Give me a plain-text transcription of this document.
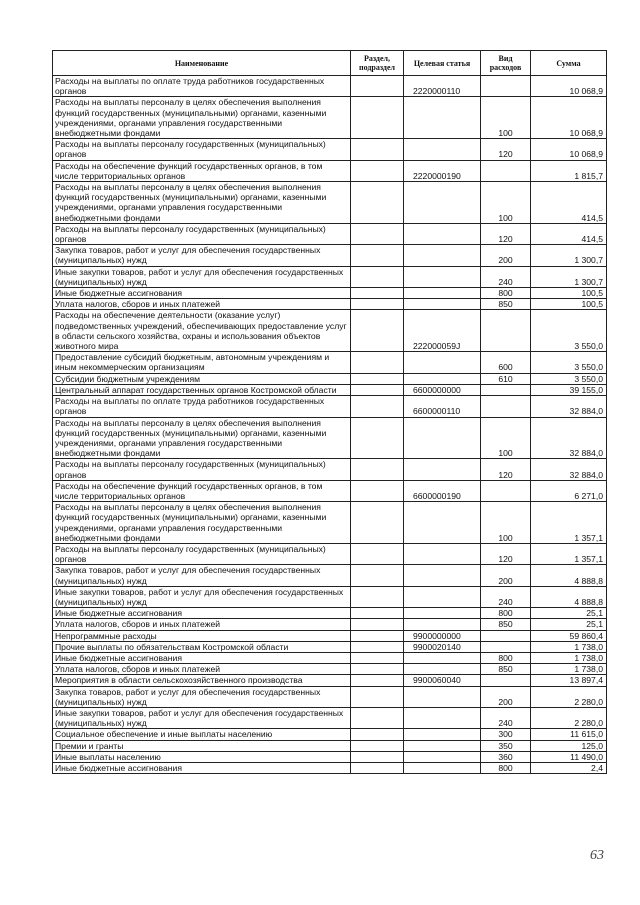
Наименование	Раздел, подраздел	Целевая статья	Вид расходов	Сумма
Расходы на выплаты по оплате труда работников государственных органов		2220000110		10 068,9
Расходы на выплаты персоналу в целях обеспечения выполнения функций государственных (муниципальными) органами, казенными учреждениями, органами управления государственными внебюджетными фондами			100	10 068,9
Расходы на выплаты персоналу государственных (муниципальных) органов			120	10 068,9
Расходы на обеспечение функций государственных органов, в том числе территориальных органов		2220000190		1 815,7
Расходы на выплаты персоналу в целях обеспечения выполнения функций государственных (муниципальными) органами, казенными учреждениями, органами управления государственными внебюджетными фондами			100	414,5
Расходы на выплаты персоналу государственных (муниципальных) органов			120	414,5
Закупка товаров, работ и услуг для обеспечения государственных (муниципальных) нужд			200	1 300,7
Иные закупки товаров, работ и услуг для обеспечения государственных (муниципальных) нужд			240	1 300,7
Иные бюджетные ассигнования			800	100,5
Уплата налогов, сборов и иных платежей			850	100,5
Расходы на обеспечение деятельности (оказание услуг) подведомственных учреждений, обеспечивающих предоставление услуг в области сельского хозяйства, охраны и использования объектов животного мира		222000059J		3 550,0
Предоставление субсидий бюджетным, автономным учреждениям и иным некоммерческим организациям			600	3 550,0
Субсидии бюджетным учреждениям			610	3 550,0
Центральный аппарат государственных органов Костромской области		6600000000		39 155,0
Расходы на выплаты по оплате труда работников государственных органов		6600000110		32 884,0
Расходы на выплаты персоналу в целях обеспечения выполнения функций государственных (муниципальными) органами, казенными учреждениями, органами управления государственными внебюджетными фондами			100	32 884,0
Расходы на выплаты персоналу государственных (муниципальных) органов			120	32 884,0
Расходы на обеспечение функций государственных органов, в том числе территориальных органов		6600000190		6 271,0
Расходы на выплаты персоналу в целях обеспечения выполнения функций государственных (муниципальными) органами, казенными учреждениями, органами управления государственными внебюджетными фондами			100	1 357,1
Расходы на выплаты персоналу государственных (муниципальных) органов			120	1 357,1
Закупка товаров, работ и услуг для обеспечения государственных (муниципальных) нужд			200	4 888,8
Иные закупки товаров, работ и услуг для обеспечения государственных (муниципальных) нужд			240	4 888,8
Иные бюджетные ассигнования			800	25,1
Уплата налогов, сборов и иных платежей			850	25,1
Непрограммные расходы		9900000000		59 860,4
Прочие выплаты по обязательствам Костромской области		9900020140		1 738,0
Иные бюджетные ассигнования			800	1 738,0
Уплата налогов, сборов и иных платежей			850	1 738,0
Мероприятия в области сельскохозяйственного производства		9900060040		13 897,4
Закупка товаров, работ и услуг для обеспечения государственных (муниципальных) нужд			200	2 280,0
Иные закупки товаров, работ и услуг для обеспечения государственных (муниципальных) нужд			240	2 280,0
Социальное обеспечение и иные выплаты населению			300	11 615,0
Премии и гранты			350	125,0
Иные выплаты населению			360	11 490,0
Иные бюджетные ассигнования			800	2,4
63
